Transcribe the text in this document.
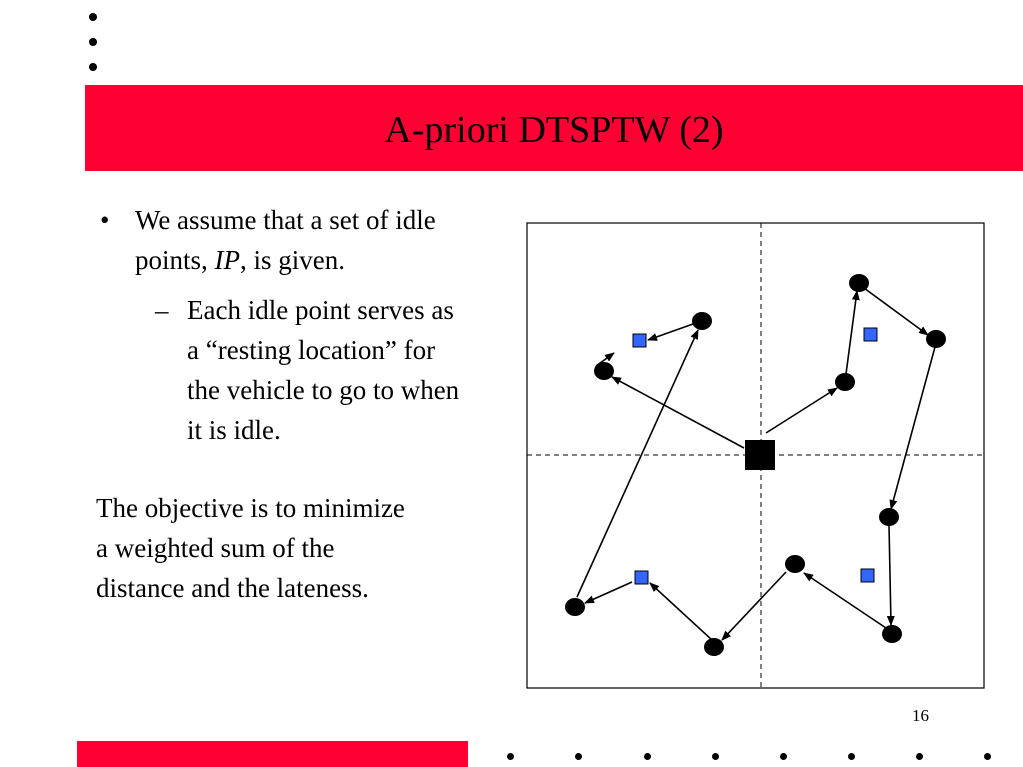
A-priori DTSPTW (2)
• We assume that a set of idle
points, IP, is given.
– Each idle point serves as
a “resting location” for
the vehicle to go to when
it is idle.
The objective is to minimize
a weighted sum of the
distance and the lateness.
16
